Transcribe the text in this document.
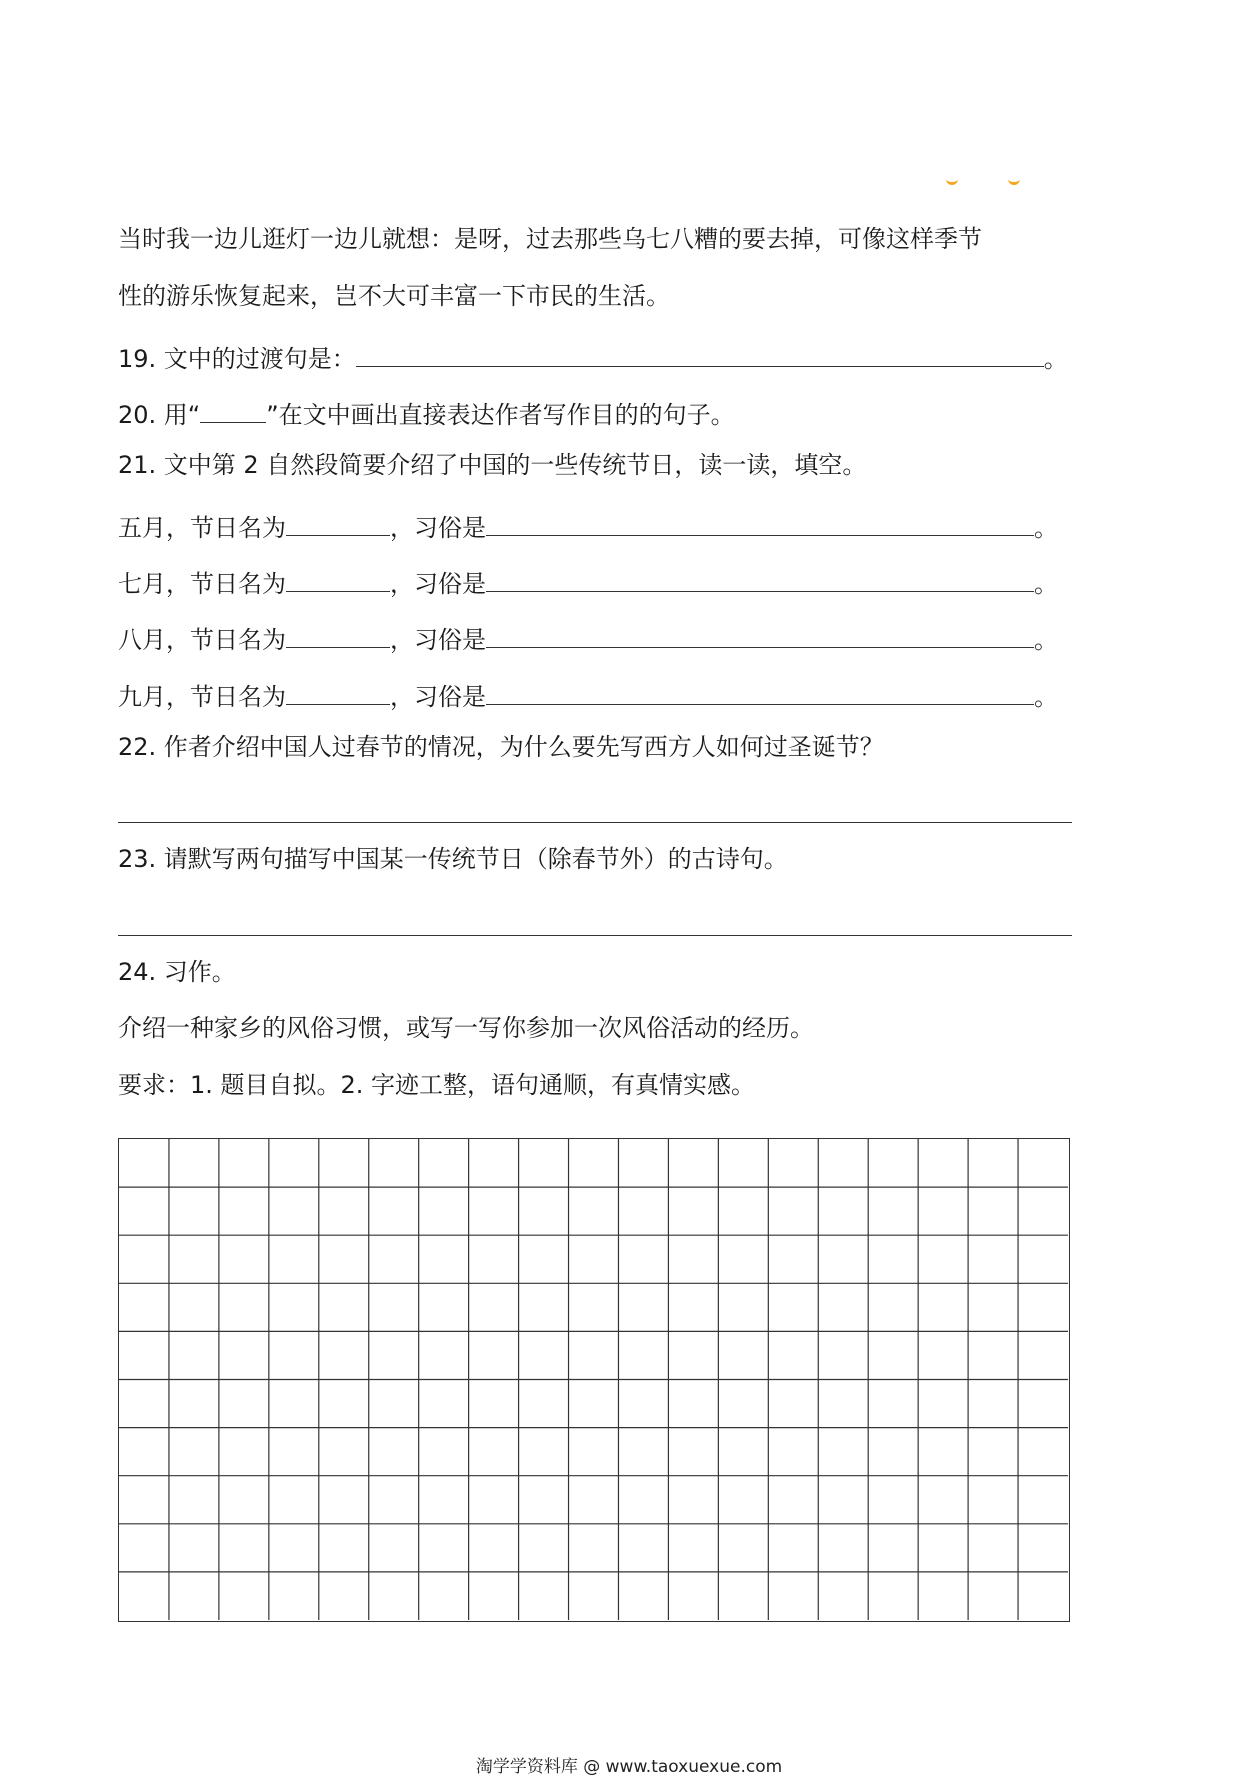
当时我一边儿逛灯一边儿就想：是呀，过去那些乌七八糟的要去掉，可像这样季节
性的游乐恢复起来，岂不大可丰富一下市民的生活。
19. 文中的过渡句是：	。
20. 用“	”在文中画出直接表达作者写作目的的句子。
21. 文中第 2 自然段简要介绍了中国的一些传统节日，读一读，填空。
五月，节日名为	，习俗是	。
七月，节日名为	，习俗是	。
八月，节日名为	，习俗是	。
九月，节日名为	，习俗是	。
22. 作者介绍中国人过春节的情况，为什么要先写西方人如何过圣诞节？
23. 请默写两句描写中国某一传统节日（除春节外）的古诗句。
24. 习作。
介绍一种家乡的风俗习惯，或写一写你参加一次风俗活动的经历。
要求：1. 题目自拟。2. 字迹工整，语句通顺，有真情实感。
淘学学资料库 @ www.taoxuexue.com
